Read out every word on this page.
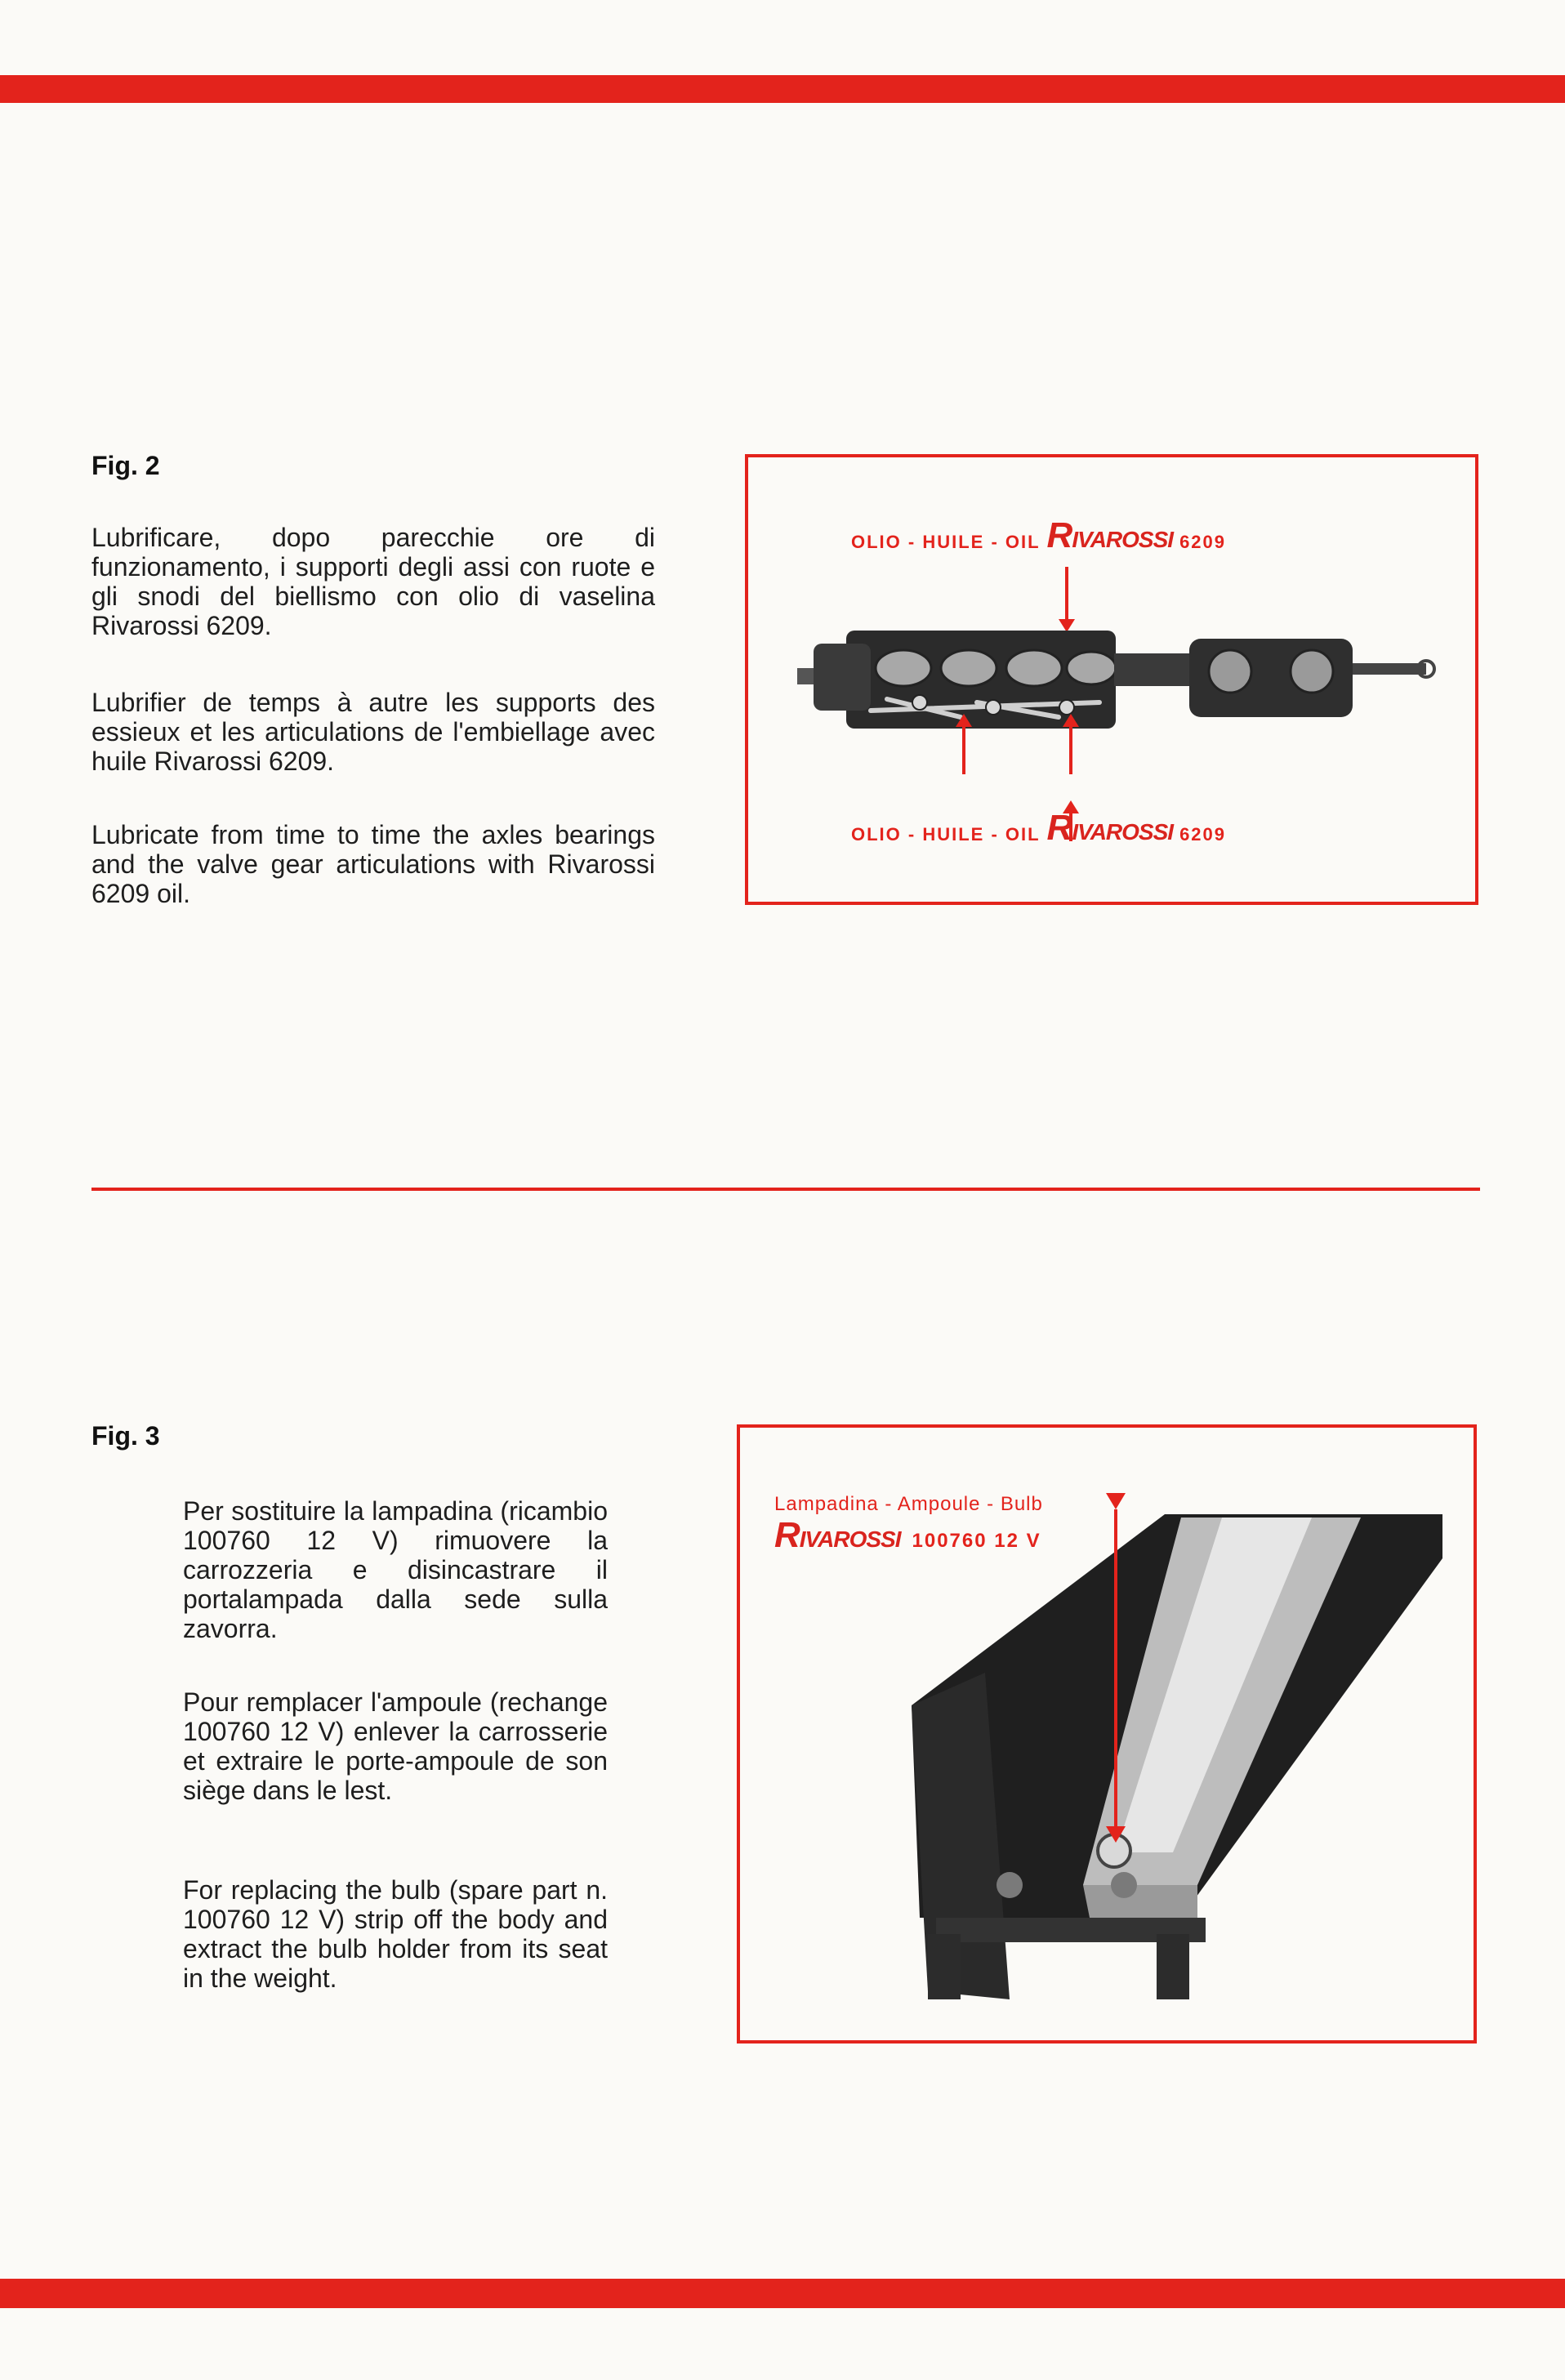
Fig. 2

Lubrificare, dopo parecchie ore di funzionamento, i supporti degli assi con ruote e gli snodi del biellismo con olio di vaselina Rivarossi 6209.

Lubrifier de temps à autre les supports des essieux et les articulations de l'embiellage avec huile Rivarossi 6209.

Lubricate from time to time the axles bearings and the valve gear articulations with Rivarossi 6209 oil.

OLIO - HUILE - OIL RIVAROSSI 6209
OLIO - HUILE - OIL RIVAROSSI 6209
Fig. 3

Per sostituire la lampadina (ricambio 100760 12 V) rimuovere la carrozzeria e disincastrare il portalampada dalla sede sulla zavorra.

Pour remplacer l'ampoule (rechange 100760 12 V) enlever la carrosserie et extraire le porte-ampoule de son siège dans le lest.

For replacing the bulb (spare part n. 100760 12 V) strip off the body and extract the bulb holder from its seat in the weight.

Lampadina - Ampoule - Bulb
RIVAROSSI 100760 12 V
